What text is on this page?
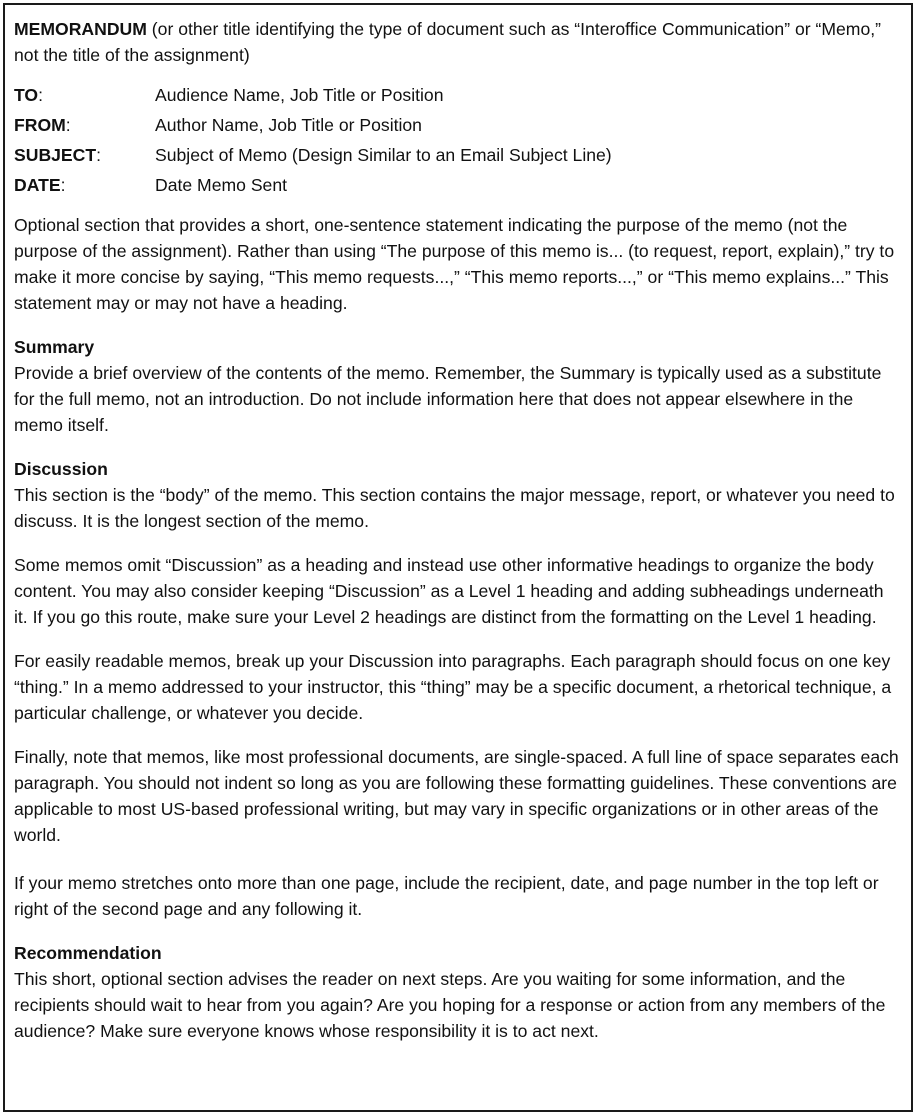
MEMORANDUM (or other title identifying the type of document such as “Interoffice Communication” or “Memo,” not the title of the assignment)

TO:	Audience Name, Job Title or Position
FROM:	Author Name, Job Title or Position
SUBJECT:	Subject of Memo (Design Similar to an Email Subject Line)
DATE:	Date Memo Sent

Optional section that provides a short, one-sentence statement indicating the purpose of the memo (not the purpose of the assignment). Rather than using “The purpose of this memo is... (to request, report, explain),” try to make it more concise by saying, “This memo requests...,” “This memo reports...,” or “This memo explains...” This statement may or may not have a heading.

Summary

Provide a brief overview of the contents of the memo. Remember, the Summary is typically used as a substitute for the full memo, not an introduction. Do not include information here that does not appear elsewhere in the memo itself.

Discussion

This section is the “body” of the memo. This section contains the major message, report, or whatever you need to discuss. It is the longest section of the memo.

Some memos omit “Discussion” as a heading and instead use other informative headings to organize the body content. You may also consider keeping “Discussion” as a Level 1 heading and adding subheadings underneath it. If you go this route, make sure your Level 2 headings are distinct from the formatting on the Level 1 heading.

For easily readable memos, break up your Discussion into paragraphs. Each paragraph should focus on one key “thing.” In a memo addressed to your instructor, this “thing” may be a specific document, a rhetorical technique, a particular challenge, or whatever you decide.

Finally, note that memos, like most professional documents, are single-spaced. A full line of space separates each paragraph. You should not indent so long as you are following these formatting guidelines. These conventions are applicable to most US-based professional writing, but may vary in specific organizations or in other areas of the world.

If your memo stretches onto more than one page, include the recipient, date, and page number in the top left or right of the second page and any following it.

Recommendation

This short, optional section advises the reader on next steps. Are you waiting for some information, and the recipients should wait to hear from you again? Are you hoping for a response or action from any members of the audience? Make sure everyone knows whose responsibility it is to act next.
